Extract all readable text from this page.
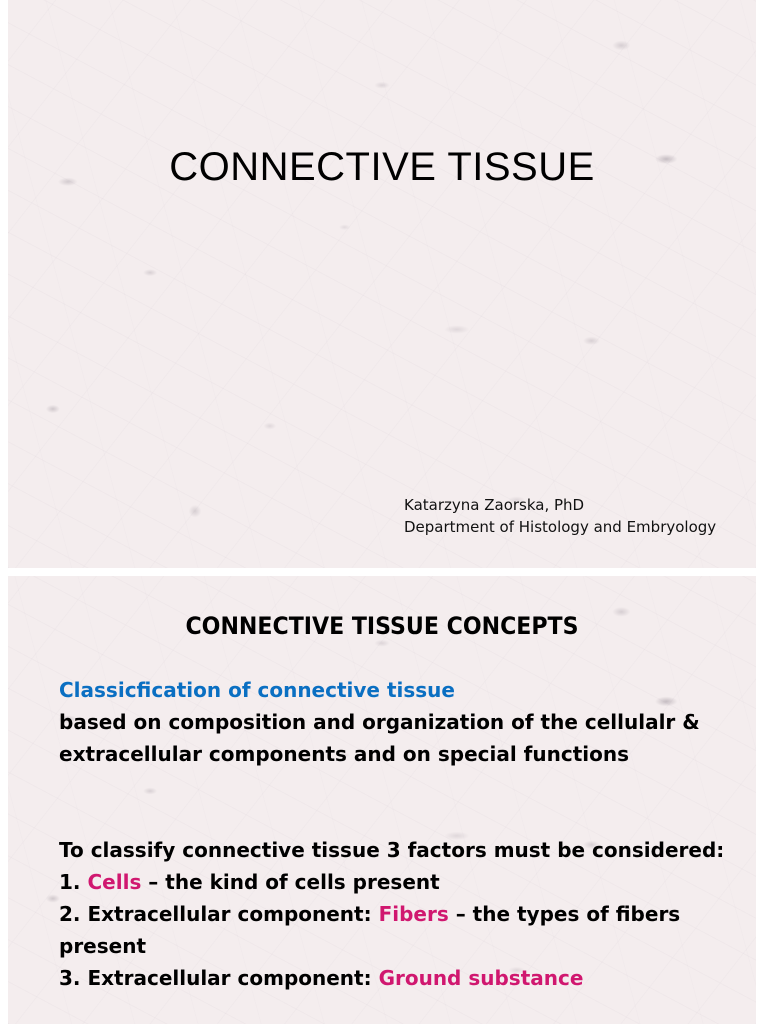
CONNECTIVE TISSUE
Katarzyna Zaorska, PhD
Department of Histology and Embryology
CONNECTIVE TISSUE CONCEPTS

Classicfication of connective tissue

based on composition and organization of the cellulalr &

extracellular components and on special functions

To classify connective tissue 3 factors must be considered:

1. Cells – the kind of cells present

2. Extracellular component: Fibers – the types of fibers

present

3. Extracellular component: Ground substance
